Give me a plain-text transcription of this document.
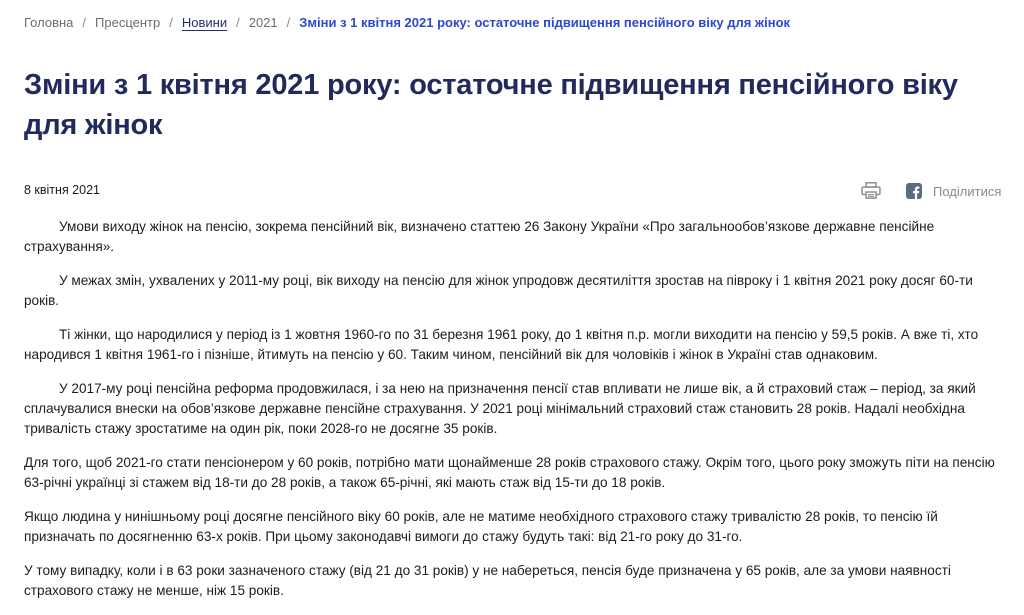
Головна / Пресцентр / Новини / 2021 / Зміни з 1 квітня 2021 року: остаточне підвищення пенсійного віку для жінок
Зміни з 1 квітня 2021 року: остаточне підвищення пенсійного віку для жінок
8 квітня 2021	Поділитися

Умови виходу жінок на пенсію, зокрема пенсійний вік, визначено статтею 26 Закону України «Про загальнообов’язкове державне пенсійне страхування».

У межах змін, ухвалених у 2011-му році, вік виходу на пенсію для жінок упродовж десятиліття зростав на півроку і 1 квітня 2021 року досяг 60-ти років.

Ті жінки, що народилися у період із 1 жовтня 1960-го по 31 березня 1961 року, до 1 квітня п.р. могли виходити на пенсію у 59,5 років. А вже ті, хто народився 1 квітня 1961-го і пізніше, йтимуть на пенсію у 60. Таким чином, пенсійний вік для чоловіків і жінок в Україні став однаковим.

У 2017-му році пенсійна реформа продовжилася, і за нею на призначення пенсії став впливати не лише вік, а й страховий стаж – період, за який сплачувалися внески на обов’язкове державне пенсійне страхування. У 2021 році мінімальний страховий стаж становить 28 років. Надалі необхідна тривалість стажу зростатиме на один рік, поки 2028-го не досягне 35 років.

Для того, щоб 2021-го стати пенсіонером у 60 років, потрібно мати щонайменше 28 років страхового стажу. Окрім того, цього року зможуть піти на пенсію 63-річні українці зі стажем від 18-ти до 28 років, а також 65-річні, які мають стаж від 15-ти до 18 років.

Якщо людина у нинішньому році досягне пенсійного віку 60 років, але не матиме необхідного страхового стажу тривалістю 28 років, то пенсію їй призначать по досягненню 63-х років. При цьому законодавчі вимоги до стажу будуть такі: від 21-го року до 31-го.

У тому випадку, коли і в 63 роки зазначеного стажу (від 21 до 31 років) у не набереться, пенсія буде призначена у 65 років, але за умови наявності страхового стажу не менше, ніж 15 років.
